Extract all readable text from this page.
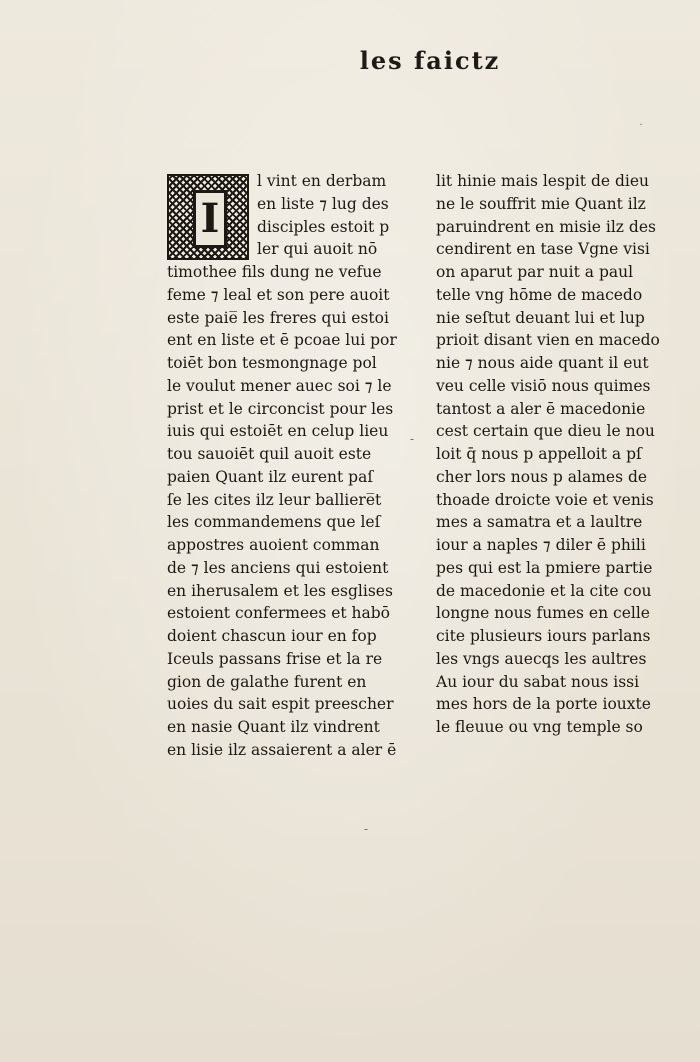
les faictz
I
l vint en derbam
en liste ⁊ lug des
disciples estoit p
ler qui auoit nō
timothee fils dung ne vefue
feme ⁊ leal et son pere auoit
este paie̅ les freres qui estoi
ent en liste et ē pcoae lui por
toiēt bon tesmongnage pol
le voulut mener auec soi ⁊ le
prist et le circoncist pour les
iuis qui estoiēt en celup lieu
tou sauoiēt quil auoit este
paien Quant ilz eurent paſ
ſe les cites ilz leur balliere̅t
les commandemens que leſ
appostres auoient comman
de ⁊ les anciens qui estoient
en iherusalem et les esglises
estoient confermees et habō
doient chascun iour en fop
Iceuls passans frise et la re
gion de galathe furent en
uoies du sait espit preescher
en nasie Quant ilz vindrent
en lisie ilz assaierent a aler ē
lit hinie mais lespit de dieu
ne le souffrit mie Quant ilz
paruindrent en misie ilz des
cendirent en tase Vgne visi
on aparut par nuit a paul
telle vng hōme de macedo
nie seſtut deuant lui et lup
prioit disant vien en macedo
nie ⁊ nous aide quant il eut
veu celle visiō nous quimes
tantost a aler ē macedonie
cest certain que dieu le nou
loit q̄ nous p appelloit a pſ
cher lors nous p alames de
thoade droicte voie et venis
mes a samatra et a laultre
iour a naples ⁊ diler ē phili
pes qui est la pmiere partie
de macedonie et la cite cou
longne nous fumes en celle
cite plusieurs iours parlans
les vngs auecqs les aultres
Au iour du sabat nous issi
mes hors de la porte iouxte
le fleuue ou vng temple so
˙
-
-
